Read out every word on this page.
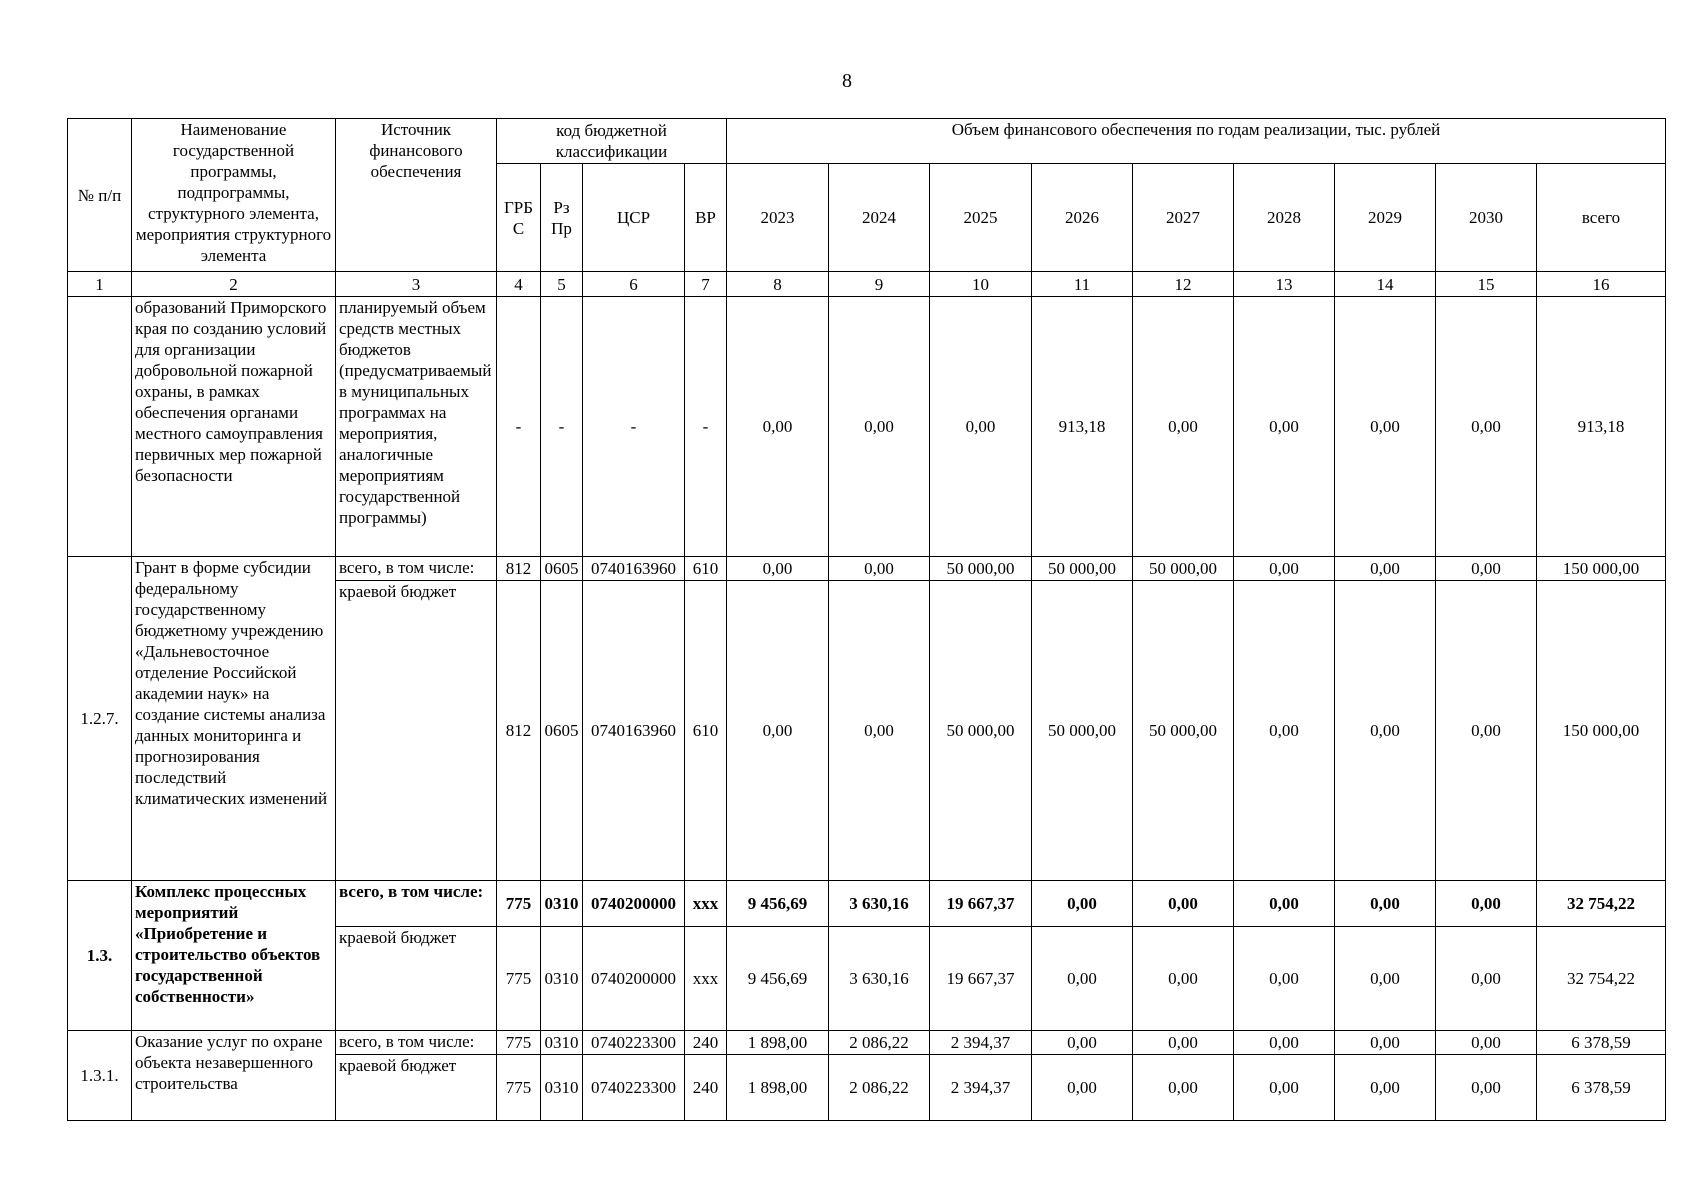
8
№ п/п	Наименование государственной программы, подпрограммы, структурного элемента, мероприятия структурного элемента	Источник финансового обеспечения	код бюджетной классификации				Объем финансового обеспечения по годам реализации, тыс. рублей								
			ГРБ С	Рз Пр	ЦСР	ВР	2023	2024	2025	2026	2027	2028	2029	2030	всего
1	2	3	4	5	6	7	8	9	10	11	12	13	14	15	16
	образований Приморского края по созданию условий для организации добровольной пожарной охраны, в рамках обеспечения органами местного самоуправления первичных мер пожарной безопасности	планируемый объем средств местных бюджетов (предусматриваемый в муниципальных программах на мероприятия, аналогичные мероприятиям государственной программы)	-	-	-	-	0,00	0,00	0,00	913,18	0,00	0,00	0,00	0,00	913,18
1.2.7.	Грант в форме субсидии федеральному государственному бюджетному учреждению «Дальневосточное отделение Российской академии наук» на создание системы анализа данных мониторинга и прогнозирования последствий климатических изменений	всего, в том числе:	812	0605	0740163960	610	0,00	0,00	50 000,00	50 000,00	50 000,00	0,00	0,00	0,00	150 000,00
		краевой бюджет	812	0605	0740163960	610	0,00	0,00	50 000,00	50 000,00	50 000,00	0,00	0,00	0,00	150 000,00
1.3.	Комплекс процессных мероприятий «Приобретение и строительство объектов государственной собственности»	всего, в том числе:	775	0310	0740200000	xxx	9 456,69	3 630,16	19 667,37	0,00	0,00	0,00	0,00	0,00	32 754,22
		краевой бюджет	775	0310	0740200000	xxx	9 456,69	3 630,16	19 667,37	0,00	0,00	0,00	0,00	0,00	32 754,22
1.3.1.	Оказание услуг по охране объекта незавершенного строительства	всего, в том числе:	775	0310	0740223300	240	1 898,00	2 086,22	2 394,37	0,00	0,00	0,00	0,00	0,00	6 378,59
		краевой бюджет	775	0310	0740223300	240	1 898,00	2 086,22	2 394,37	0,00	0,00	0,00	0,00	0,00	6 378,59
